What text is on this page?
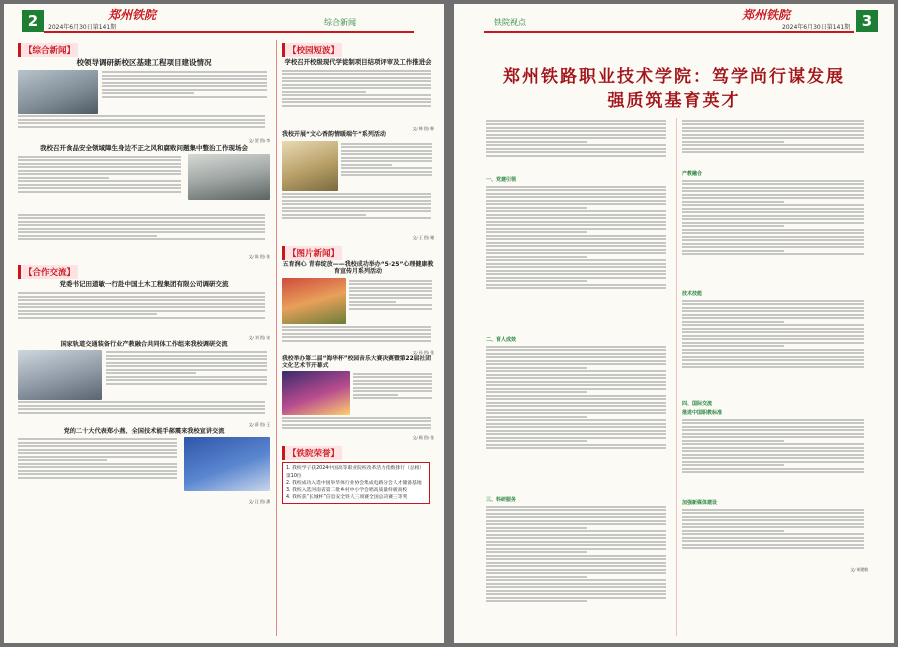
2	郑州铁院
2024年6月30日第141期
综合新闻
【综合新闻】
校领导调研新校区基建工程项目建设情况
文/ 贺 图/ 李
我校召开食品安全领域障生身边不正之风和腐败问题集中整治工作现场会
文/ 陈 图/ 张
【合作交流】
党委书记田道敏一行赴中国土木工程集团有限公司调研交流
文/ 刘 图/ 宋
国家轨道交通装备行业产教融合共同体工作组来我校调研交流
文/ 薛 图/ 王
党的二十大代表郑小燕、全国技术能手郝震来我校宣讲交流
文/ 汪 图/ 潘
【校园短波】
学校召开校级现代学徒制项目结项评审及工作推进会
文/ 韩 图/ 韩
我校开展“文心香韵情暖端午”系列活动
文/ 王 图/ 谢
【图片新闻】
五育润心 青春绽放——我校成功举办“5·25”心理健康教育宣传月系列活动
文/ 孙 图/ 张
我校举办第二届“海华杯”校园音乐大赛决赛暨第22届社团文化艺术节开幕式
文/ 顾 图/ 张
【铁院荣誉】
1. 我校学子获2024中国高等职业院校改革活力指数排行（总榜）第10位
2. 我校成功入选中国举华体行业协会集成电路分会人才储备基地
3. 我校入选河南省第二批乡村中小学会唱高质量样板高校
4. 我校获“长城杯”信息安全铁人三项赛全国总决赛三等奖
铁院视点
郑州铁院
2024年6月30日第141期 3
郑州铁路职业技术学院：笃学尚行谋发展
强质筑基育英才
一、党建引领
二、育人成效
三、科研服务
产教融合
技术技能
四、国际交流
推进中国职教标准
加强新媒体建设
文/ 胡建敏
